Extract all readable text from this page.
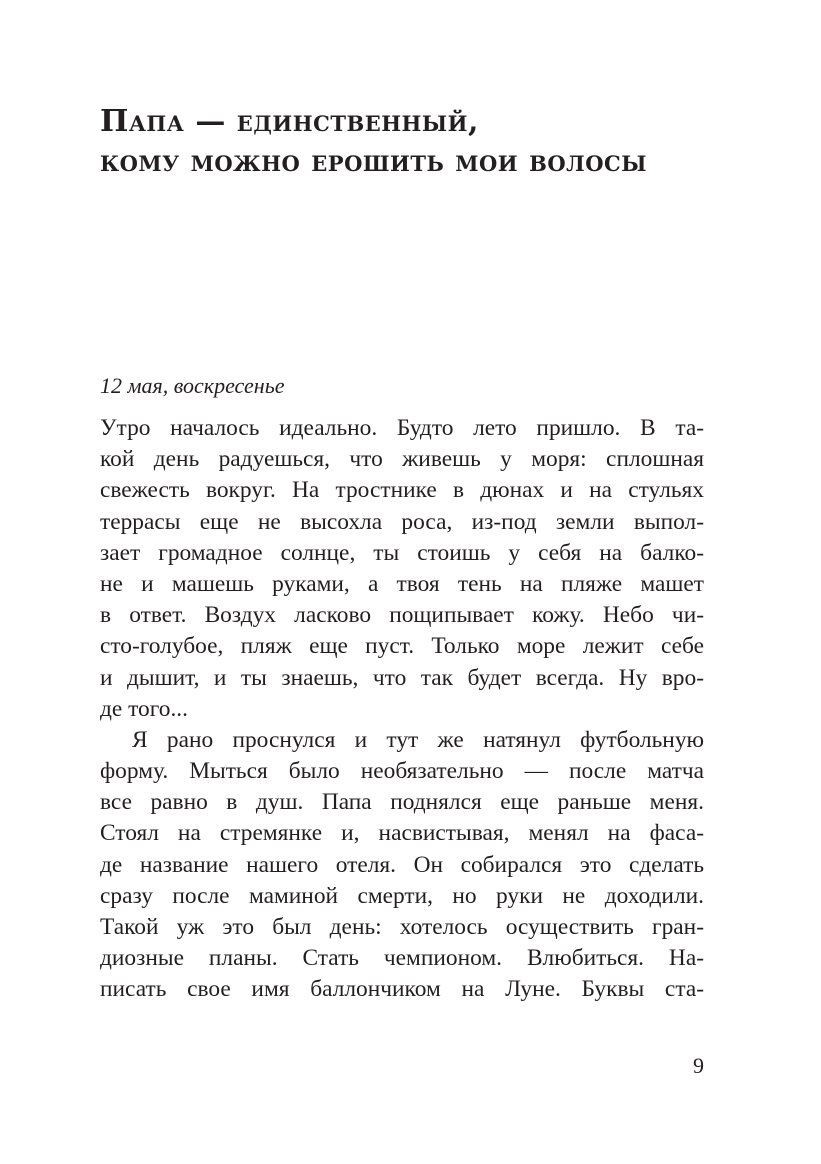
Папа — единственный,
кому можно ерошить мои волосы

12 мая, воскресенье

Утро началось идеально. Будто лето пришло. В та-
кой день радуешься, что живешь у моря: сплошная
свежесть вокруг. На тростнике в дюнах и на стульях
террасы еще не высохла роса, из-под земли выпол-
зает громадное солнце, ты стоишь у себя на балко-
не и машешь руками, а твоя тень на пляже машет
в ответ. Воздух ласково пощипывает кожу. Небо чи-
сто-голубое, пляж еще пуст. Только море лежит себе
и дышит, и ты знаешь, что так будет всегда. Ну вро-
де того...
Я рано проснулся и тут же натянул футбольную
форму. Мыться было необязательно — после матча
все равно в душ. Папа поднялся еще раньше меня.
Стоял на стремянке и, насвистывая, менял на фаса-
де название нашего отеля. Он собирался это сделать
сразу после маминой смерти, но руки не доходили.
Такой уж это был день: хотелось осуществить гран-
диозные планы. Стать чемпионом. Влюбиться. На-
писать свое имя баллончиком на Луне. Буквы ста-
9
